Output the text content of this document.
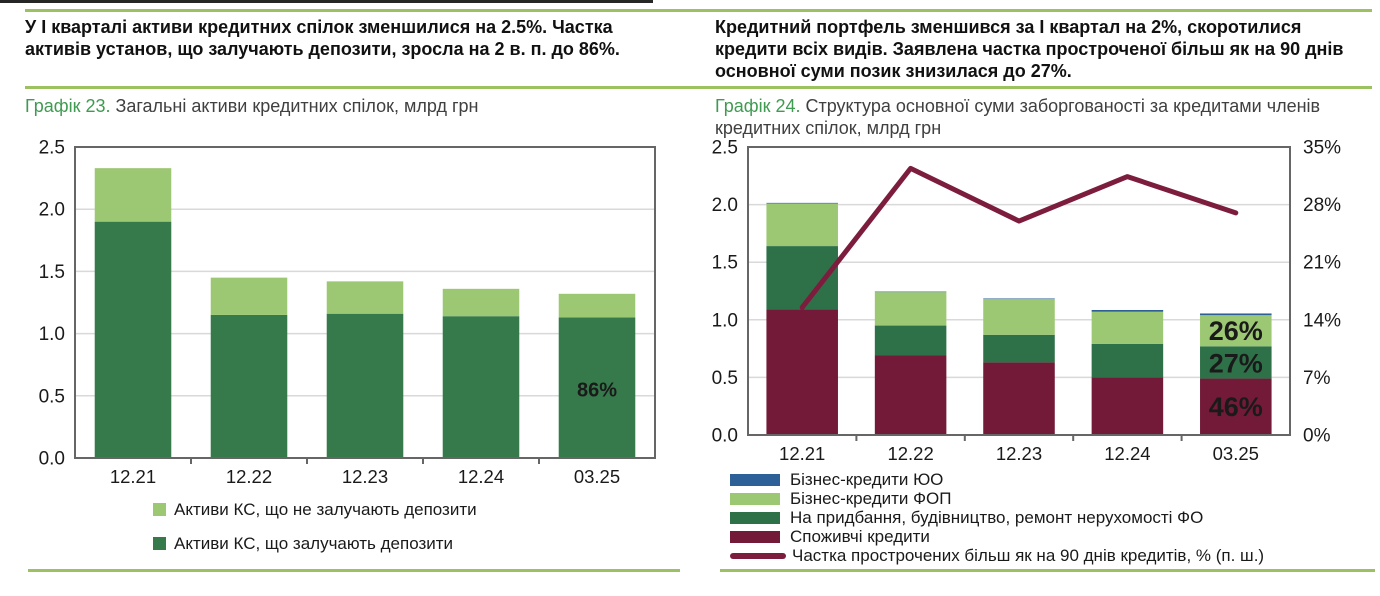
У І кварталі активи кредитних спілок зменшилися на 2.5%. Частка активів установ, що залучають депозити, зросла на 2 в. п. до 86%.
Кредитний портфель зменшився за І квартал на 2%, скоротилися кредити всіх видів. Заявлена частка простроченої більш як на 90 днів основної суми позик знизилася до 27%.
Графік 23. Загальні активи кредитних спілок, млрд грн	Графік 24. Структура основної суми заборгованості за кредитами членів кредитних спілок, млрд грн
0.0
0.5
1.0
1.5
2.0
2.5
12.21	12.22	12.23	12.24	03.25
86%
0.0
0.5
1.0
1.5
2.0
2.5
0%
7%
14%
21%
28%
35%
12.21	12.22	12.23	12.24	03.25
26%
27%
46%
Активи КС, що не залучають депозити
Активи КС, що залучають депозити
Бізнес-кредити ЮО
Бізнес-кредити ФОП
На придбання, будівництво, ремонт нерухомості ФО
Споживчі кредити
Частка прострочених більш як на 90 днів кредитів, % (п. ш.)
